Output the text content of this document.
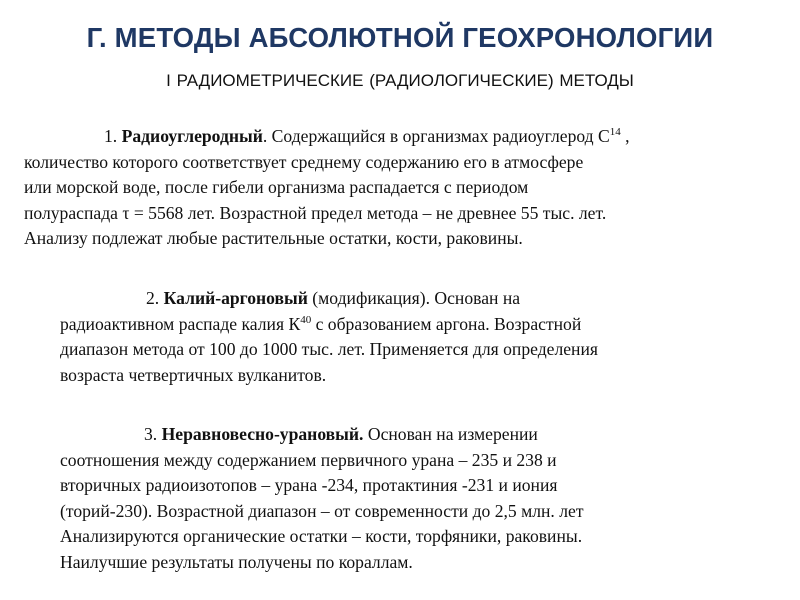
Г. МЕТОДЫ АБСОЛЮТНОЙ ГЕОХРОНОЛОГИИ
I РАДИОМЕТРИЧЕСКИЕ (РАДИОЛОГИЧЕСКИЕ) МЕТОДЫ
1. Радиоуглеродный. Содержащийся в организмах радиоуглерод $С^{14}$ ,
количество которого соответствует среднему содержанию его в атмосфере
или морской воде, после гибели организма распадается с периодом
полураспада τ = 5568 лет. Возрастной предел метода – не древнее 55 тыс. лет.
Анализу подлежат любые растительные остатки, кости, раковины.
2. Калий-аргоновый (модификация). Основан на
радиоактивном распаде калия $К^{40}$ с образованием аргона. Возрастной
диапазон метода от 100 до 1000 тыс. лет. Применяется для определения
возраста четвертичных вулканитов.
3. Неравновесно-урановый. Основан на измерении
соотношения между содержанием первичного урана – 235 и 238 и
вторичных радиоизотопов – урана -234, протактиния -231 и иония
(торий-230). Возрастной диапазон – от современности до 2,5 млн. лет
Анализируются органические остатки – кости, торфяники, раковины.
Наилучшие результаты получены по кораллам.
